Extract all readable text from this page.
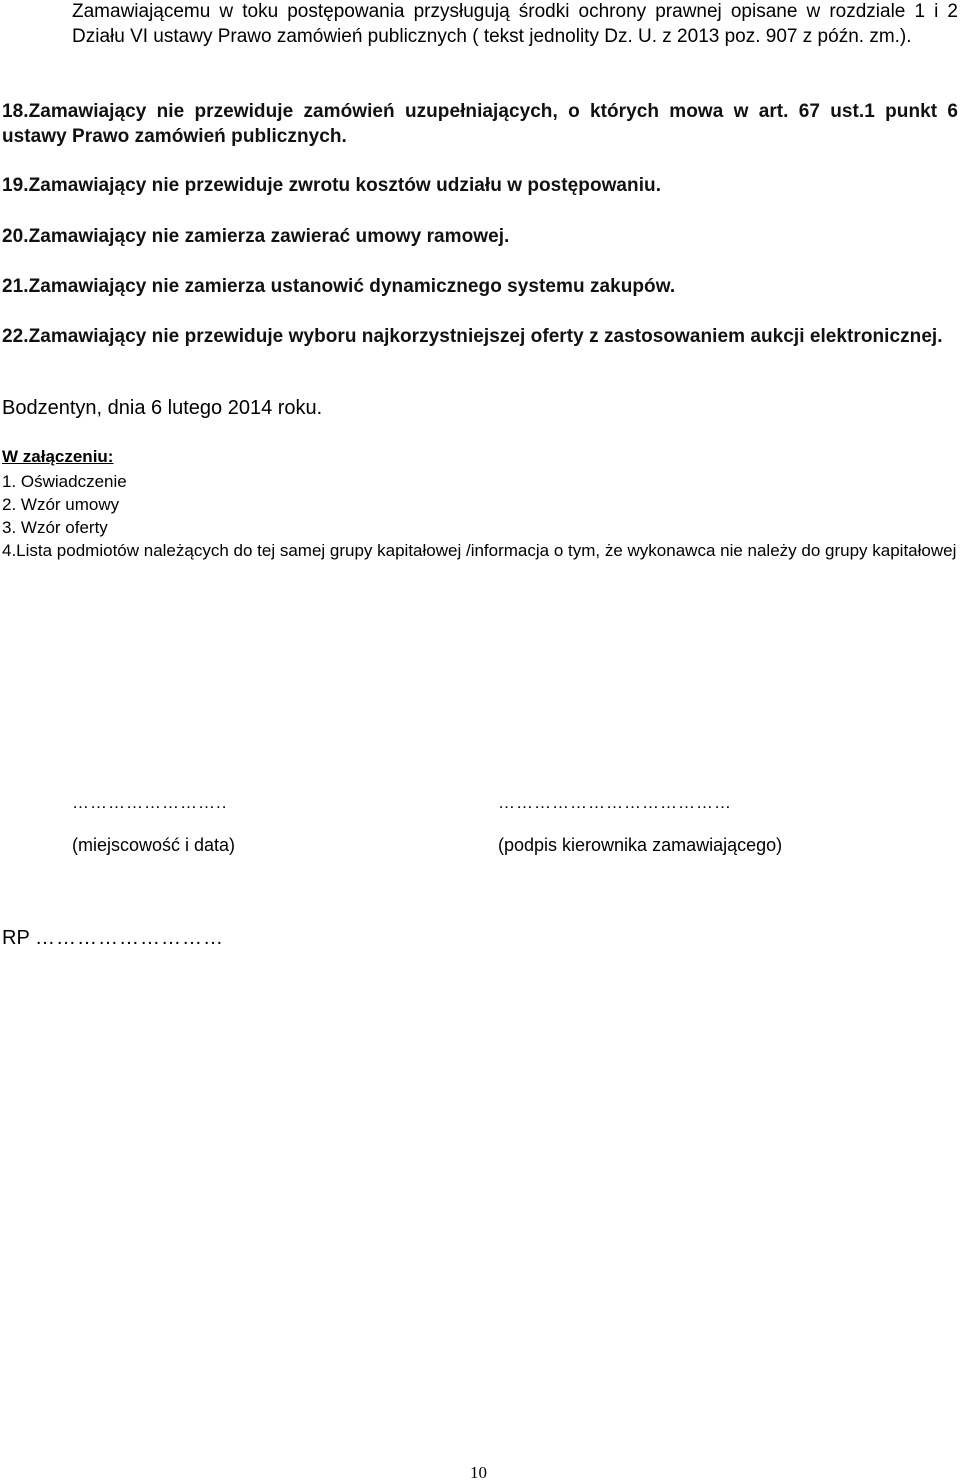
Zamawiającemu w toku postępowania przysługują środki ochrony prawnej opisane w rozdziale 1 i 2 Działu VI ustawy Prawo zamówień publicznych ( tekst jednolity Dz. U. z 2013 poz. 907 z późn. zm.).

18.Zamawiający nie przewiduje zamówień uzupełniających, o których mowa w art. 67 ust.1 punkt 6 ustawy Prawo zamówień publicznych.

19.Zamawiający nie przewiduje zwrotu kosztów udziału w postępowaniu.

20.Zamawiający nie zamierza zawierać umowy ramowej.

21.Zamawiający nie zamierza ustanowić dynamicznego systemu zakupów.

22.Zamawiający nie przewiduje wyboru najkorzystniejszej oferty z zastosowaniem aukcji elektronicznej.

Bodzentyn, dnia 6 lutego 2014 roku.
W załączeniu:
1. Oświadczenie
2. Wzór umowy
3. Wzór oferty
4.Lista podmiotów należących do tej samej grupy kapitałowej /informacja o tym, że wykonawca nie należy do grupy kapitałowej
……………………..	…………………………………
(miejscowość i data)	(podpis kierownika zamawiającego)
RP ………………………
10
